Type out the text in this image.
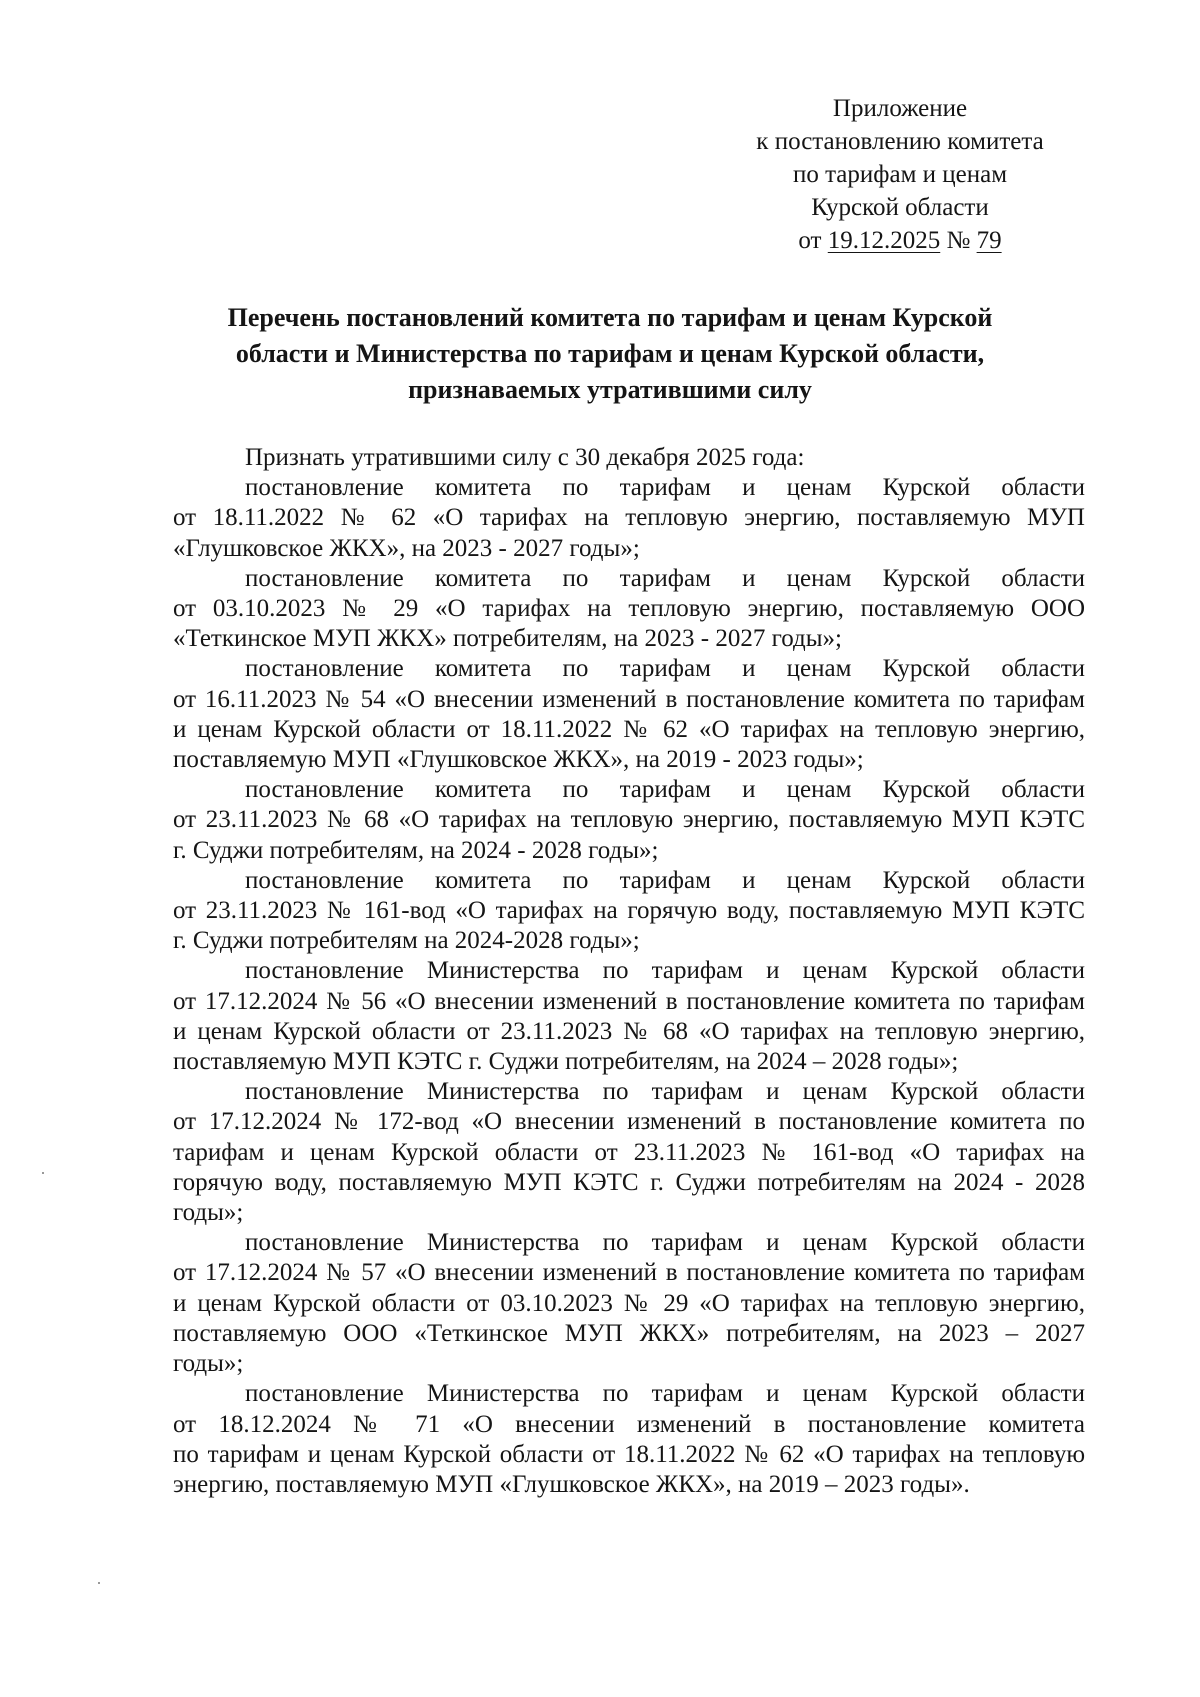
Приложение
к постановлению комитета
по тарифам и ценам
Курской области
от 19.12.2025 № 79
Перечень постановлений комитета по тарифам и ценам Курской
области и Министерства по тарифам и ценам Курской области,
признаваемых утратившими силу

Признать утратившими силу с 30 декабря 2025 года:

постановление комитета по тарифам и ценам Курской области
от 18.11.2022 № 62 «О тарифах на тепловую энергию, поставляемую МУП
«Глушковское ЖКХ», на 2023 - 2027 годы»;

постановление комитета по тарифам и ценам Курской области
от 03.10.2023 № 29 «О тарифах на тепловую энергию, поставляемую ООО
«Теткинское МУП ЖКХ» потребителям, на 2023 - 2027 годы»;

постановление комитета по тарифам и ценам Курской области
от 16.11.2023 № 54 «О внесении изменений в постановление комитета по тарифам
и ценам Курской области от 18.11.2022 № 62 «О тарифах на тепловую энергию,
поставляемую МУП «Глушковское ЖКХ», на 2019 - 2023 годы»;

постановление комитета по тарифам и ценам Курской области
от 23.11.2023 № 68 «О тарифах на тепловую энергию, поставляемую МУП КЭТС
г. Суджи потребителям, на 2024 - 2028 годы»;

постановление комитета по тарифам и ценам Курской области
от 23.11.2023 № 161-вод «О тарифах на горячую воду, поставляемую МУП КЭТС
г. Суджи потребителям на 2024-2028 годы»;

постановление Министерства по тарифам и ценам Курской области
от 17.12.2024 № 56 «О внесении изменений в постановление комитета по тарифам
и ценам Курской области от 23.11.2023 № 68 «О тарифах на тепловую энергию,
поставляемую МУП КЭТС г. Суджи потребителям, на 2024 – 2028 годы»;

постановление Министерства по тарифам и ценам Курской области
от 17.12.2024 № 172-вод «О внесении изменений в постановление комитета по
тарифам и ценам Курской области от 23.11.2023 № 161-вод «О тарифах на
горячую воду, поставляемую МУП КЭТС г. Суджи потребителям на 2024 - 2028
годы»;

постановление Министерства по тарифам и ценам Курской области
от 17.12.2024 № 57 «О внесении изменений в постановление комитета по тарифам
и ценам Курской области от 03.10.2023 № 29 «О тарифах на тепловую энергию,
поставляемую ООО «Теткинское МУП ЖКХ» потребителям, на 2023 – 2027
годы»;

постановление Министерства по тарифам и ценам Курской области
от 18.12.2024 № 71 «О внесении изменений в постановление комитета
по тарифам и ценам Курской области от 18.11.2022 № 62 «О тарифах на тепловую
энергию, поставляемую МУП «Глушковское ЖКХ», на 2019 – 2023 годы».
